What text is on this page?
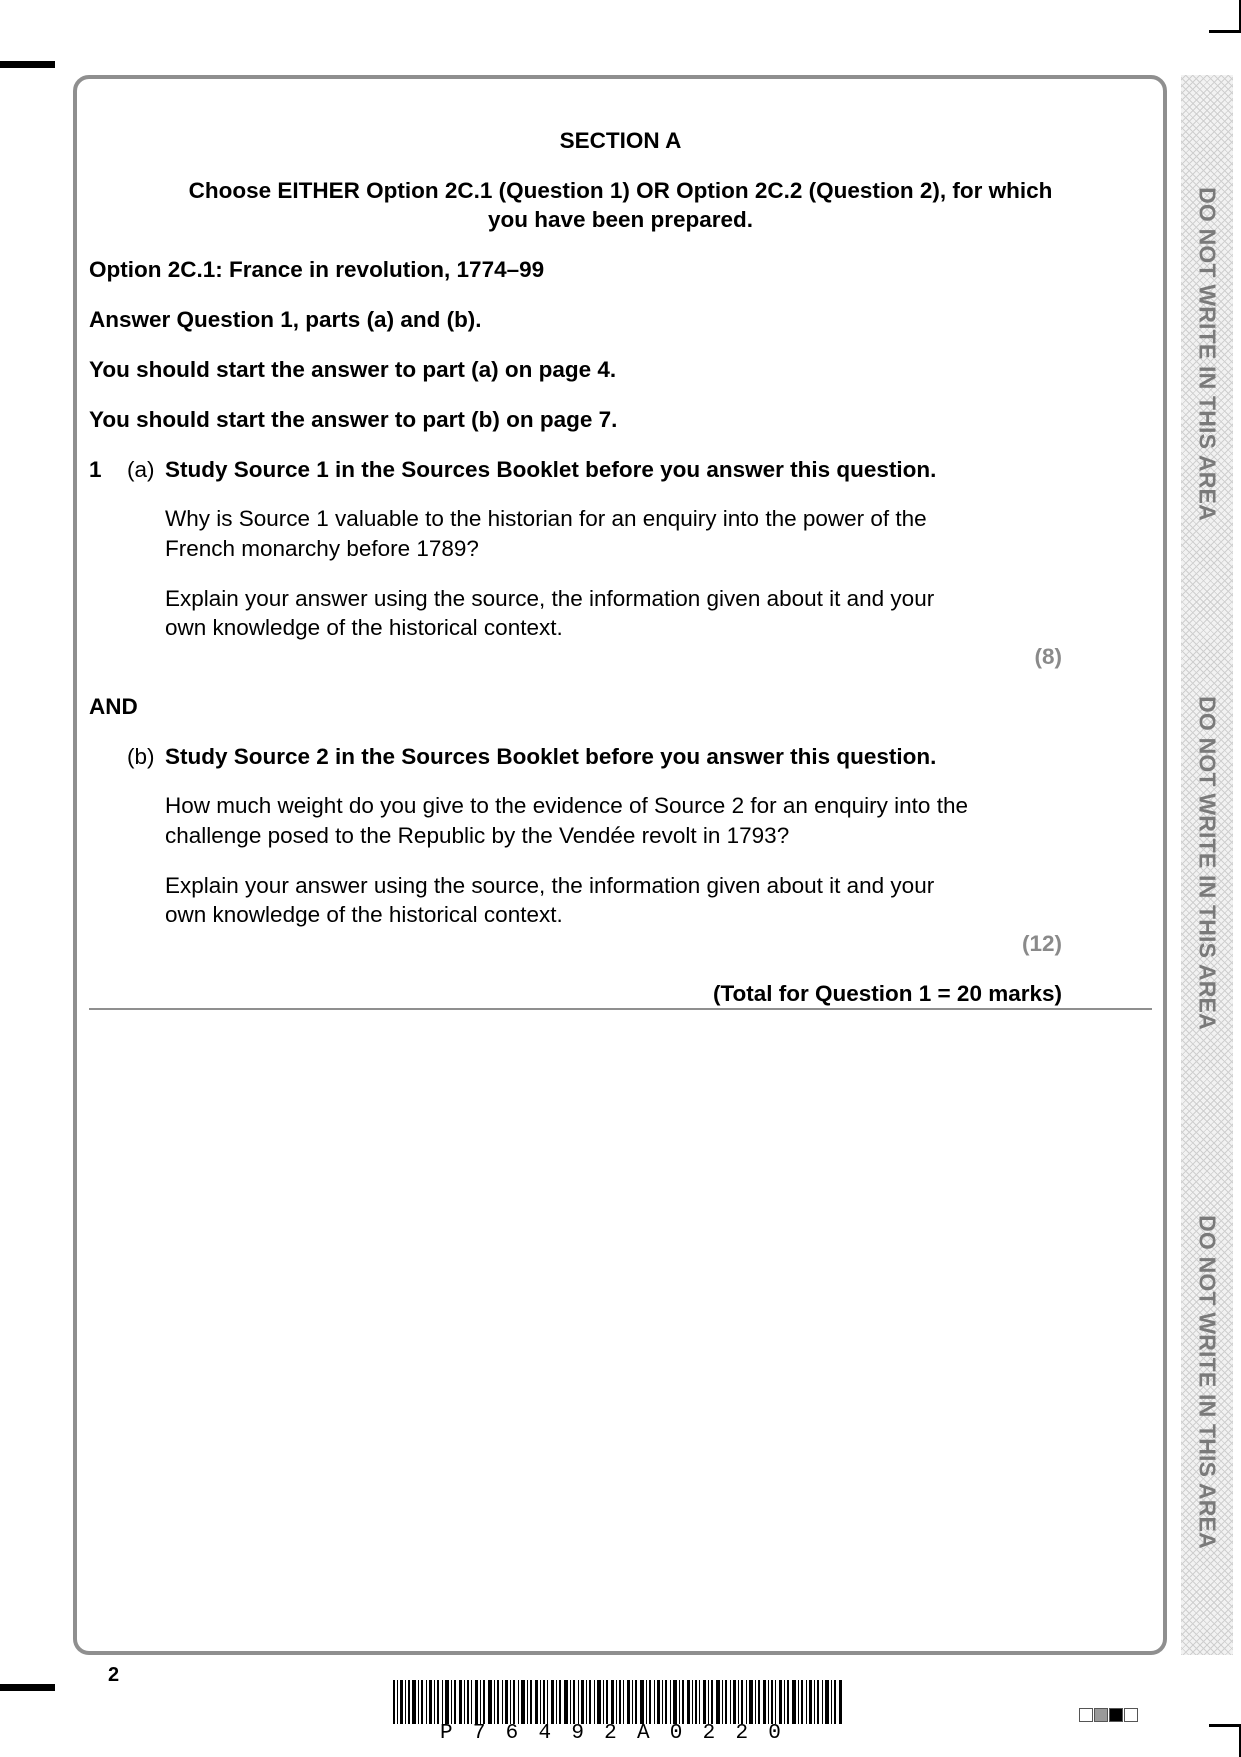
DO NOT WRITE IN THIS AREA
DO NOT WRITE IN THIS AREA
DO NOT WRITE IN THIS AREA
SECTION A
Choose EITHER Option 2C.1 (Question 1) OR Option 2C.2 (Question 2), for which
you have been prepared.
Option 2C.1: France in revolution, 1774–99
Answer Question 1, parts (a) and (b).
You should start the answer to part (a) on page 4.
You should start the answer to part (b) on page 7.
1 (a) Study Source 1 in the Sources Booklet before you answer this question.
Why is Source 1 valuable to the historian for an enquiry into the power of the
French monarchy before 1789?
Explain your answer using the source, the information given about it and your
own knowledge of the historical context.
(8)
AND
(b) Study Source 2 in the Sources Booklet before you answer this question.
How much weight do you give to the evidence of Source 2 for an enquiry into the
challenge posed to the Republic by the Vendée revolt in 1793?
Explain your answer using the source, the information given about it and your
own knowledge of the historical context.
(12)
(Total for Question 1 = 20 marks)
2
P 7 6 4 9 2 A 0 2 2 0
